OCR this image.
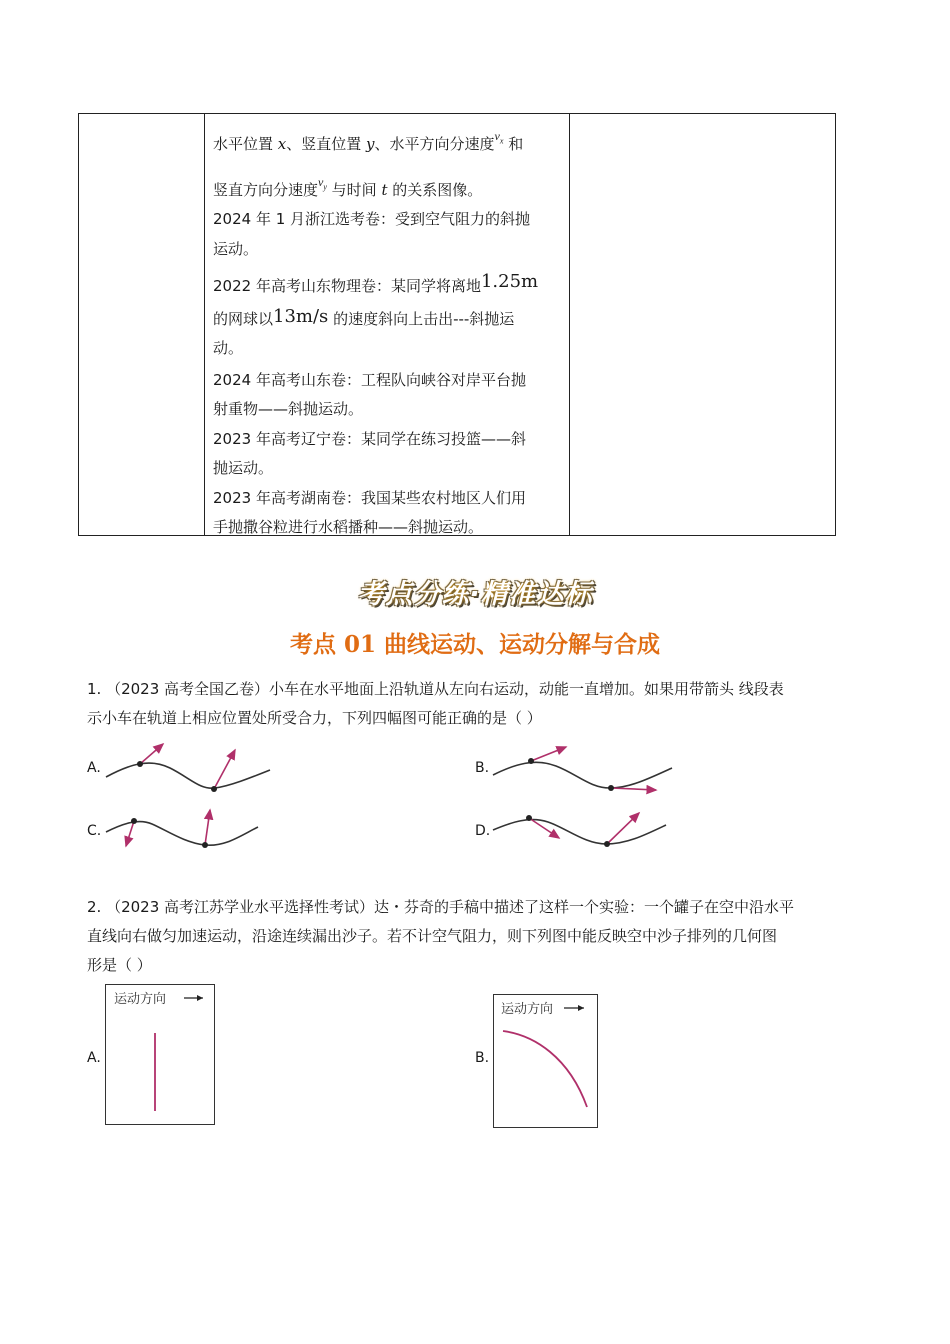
水平位置 x、竖直位置 y、水平方向分速度$^{v_x}$ 和

竖直方向分速度$^{v_y}$ 与时间 t 的关系图像。

2024 年 1 月浙江选考卷：受到空气阻力的斜抛

运动。

2022 年高考山东物理卷：某同学将离地1.25m

的网球以13m/s 的速度斜向上击出---斜抛运

动。

2024 年高考山东卷：工程队向峡谷对岸平台抛

射重物——斜抛运动。

2023 年高考辽宁卷：某同学在练习投篮——斜

抛运动。

2023 年高考湖南卷：我国某些农村地区人们用

手抛撒谷粒进行水稻播种——斜抛运动。

考点分练·精准达标
考点 01 曲线运动、运动分解与合成
1. （2023 高考全国乙卷）小车在水平地面上沿轨道从左向右运动，动能一直增加。如果用带箭头 线段表
示小车在轨道上相应位置处所受合力，下列四幅图可能正确的是（ ）
A.	B.
C.	D.
2. （2023 高考江苏学业水平选择性考试）达・芬奇的手稿中描述了这样一个实验：一个罐子在空中沿水平
直线向右做匀加速运动，沿途连续漏出沙子。若不计空气阻力，则下列图中能反映空中沙子排列的几何图
形是（ ）
A.	B.
运动方向
运动方向
